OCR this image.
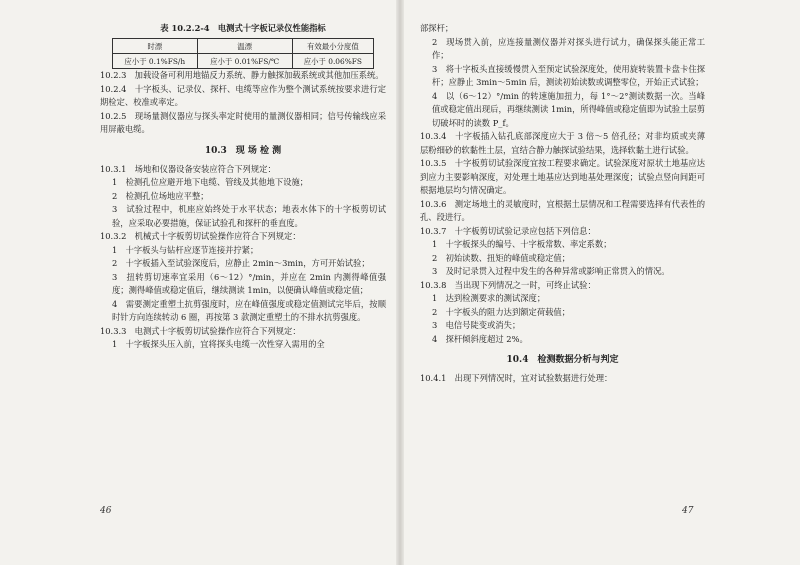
表 10.2.2-4　电测式十字板记录仪性能指标
时漂	温漂	有效最小分度值
应小于 0.1%FS/h	应小于 0.01%FS/℃	应小于 0.06%FS

10.2.3　加载设备可利用地锚反力系统、静力触探加载系统或其他加压系统。

10.2.4　十字板头、记录仪、探杆、电缆等应作为整个测试系统按要求进行定期检定、校准或率定。

10.2.5　现场量测仪器应与探头率定时使用的量测仪器相同；信号传输线应采用屏蔽电缆。

10.3　现 场 检 测

10.3.1　场地和仪器设备安装应符合下列规定：

1　检测孔位应避开地下电缆、管线及其他地下设施；

2　检测孔位场地应平整；

3　试验过程中，机座应始终处于水平状态；地表水体下的十字板剪切试验，应采取必要措施，保证试验孔和探杆的垂直度。

10.3.2　机械式十字板剪切试验操作应符合下列规定：

1　十字板头与钻杆应逐节连接并拧紧；

2　十字板插入至试验深度后，应静止 2min～3min，方可开始试验；

3　扭转剪切速率宜采用（6～12）°/min，并应在 2min 内测得峰值强度；测得峰值或稳定值后，继续测读 1min，以便确认峰值或稳定值；

4　需要测定重塑土抗剪强度时，应在峰值强度或稳定值测试完毕后，按顺时针方向连续转动 6 圈，再按第 3 款测定重塑土的不排水抗剪强度。

10.3.3　电测式十字板剪切试验操作应符合下列规定：

1　十字板探头压入前，宜将探头电缆一次性穿入需用的全

46

部探杆；

2　现场贯入前，应连接量测仪器并对探头进行试力，确保探头能正常工作；

3　将十字板头直接缓慢贯入至预定试验深度处，使用旋转装置卡盘卡住探杆；应静止 3min～5min 后，测读初始读数或调整零位，开始正式试验；

4　以（6～12）°/min 的转速施加扭力，每 1°～2°测读数据一次。当峰值或稳定值出现后，再继续测读 1min，所得峰值或稳定值即为试验土层剪切破坏时的读数 P_f。

10.3.4　十字板插入钻孔底部深度应大于 3 倍～5 倍孔径；对非均质或夹薄层粉细砂的软黏性土层，宜结合静力触探试验结果，选择软黏土进行试验。

10.3.5　十字板剪切试验深度宜按工程要求确定。试验深度对原状土地基应达到应力主要影响深度，对处理土地基应达到地基处理深度；试验点竖向间距可根据地层均匀情况确定。

10.3.6　测定场地土的灵敏度时，宜根据土层情况和工程需要选择有代表性的孔、段进行。

10.3.7　十字板剪切试验记录应包括下列信息：

1　十字板探头的编号、十字板常数、率定系数；

2　初始读数、扭矩的峰值或稳定值；

3　及时记录贯入过程中发生的各种异常或影响正常贯入的情况。

10.3.8　当出现下列情况之一时，可终止试验：

1　达到检测要求的测试深度；

2　十字板头的阻力达到额定荷载值；

3　电信号陡变或消失；

4　探杆倾斜度超过 2%。

10.4　检测数据分析与判定

10.4.1　出现下列情况时，宜对试验数据进行处理：

47
